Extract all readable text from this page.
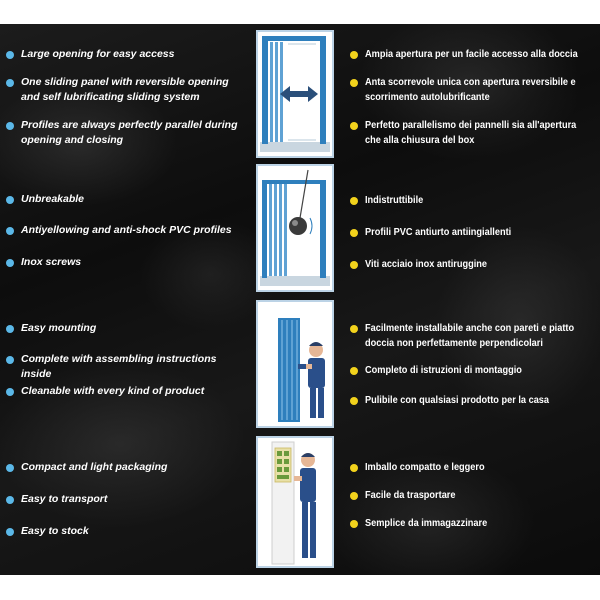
Large opening for easy access
One sliding panel with reversible opening and self lubrificating sliding system
Profiles are always perfectly parallel during opening and closing
Ampia apertura per un facile accesso alla doccia
Anta scorrevole unica con apertura reversibile e scorrimento autolubrificante
Perfetto parallelismo dei pannelli sia all'apertura che alla chiusura del box
Unbreakable
Antiyellowing and anti-shock PVC profiles
Inox screws
Indistruttibile
Profili PVC antiurto antiingiallenti
Viti acciaio inox antiruggine
Easy mounting
Complete with assembling instructions inside
Cleanable with every kind of product
Facilmente installabile anche con pareti e piatto doccia non perfettamente perpendicolari
Completo di istruzioni di montaggio
Pulibile con qualsiasi prodotto per la casa
Compact and light packaging
Easy to transport
Easy to stock
Imballo compatto e leggero
Facile da trasportare
Semplice da immagazzinare
